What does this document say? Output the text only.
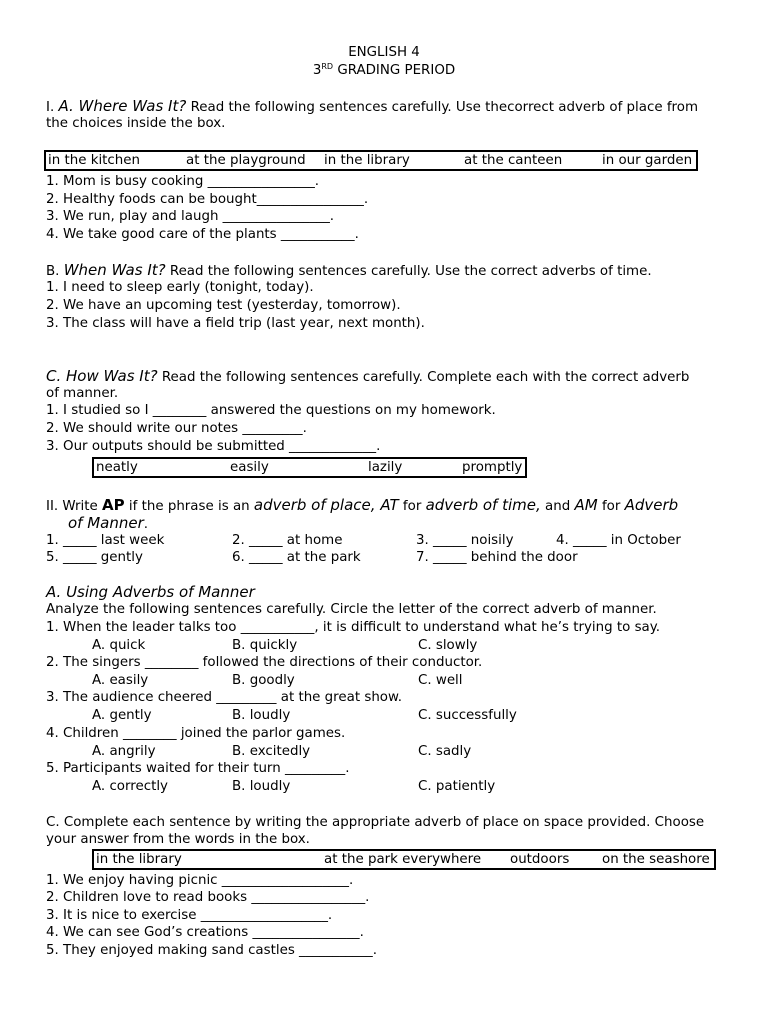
ENGLISH 4
3RD GRADING PERIOD
I. A. Where Was It? Read the following sentences carefully. Use thecorrect adverb of place from
the choices inside the box.
in the kitchen	at the playground in the library	at the canteen	in our garden
1. Mom is busy cooking ________________.
2. Healthy foods can be bought________________.
3. We run, play and laugh ________________.
4. We take good care of the plants ___________.
B. When Was It? Read the following sentences carefully. Use the correct adverbs of time.
1. I need to sleep early (tonight, today).
2. We have an upcoming test (yesterday, tomorrow).
3. The class will have a field trip (last year, next month).
C. How Was It? Read the following sentences carefully. Complete each with the correct adverb
of manner.
1. I studied so I ________ answered the questions on my homework.
2. We should write our notes _________.
3. Our outputs should be submitted _____________.
neatly	easily	lazily	promptly
II. Write AP if the phrase is an adverb of place, AT for adverb of time, and AM for Adverb
of Manner.
1. _____ last week	2. _____ at home	3. _____ noisily	4. _____ in October
5. _____ gently	6. _____ at the park	7. _____ behind the door
A. Using Adverbs of Manner
Analyze the following sentences carefully. Circle the letter of the correct adverb of manner.
1. When the leader talks too ___________, it is difficult to understand what he’s trying to say.
A. quick	B. quickly	C. slowly
2. The singers ________ followed the directions of their conductor.
A. easily	B. goodly	C. well
3. The audience cheered _________ at the great show.
A. gently	B. loudly	C. successfully
4. Children ________ joined the parlor games.
A. angrily	B. excitedly	C. sadly
5. Participants waited for their turn _________.
A. correctly	B. loudly	C. patiently
C. Complete each sentence by writing the appropriate adverb of place on space provided. Choose
your answer from the words in the box.
in the library	at the park everywhere outdoors on the seashore
1. We enjoy having picnic ___________________.
2. Children love to read books _________________.
3. It is nice to exercise ___________________.
4. We can see God’s creations ________________.
5. They enjoyed making sand castles ___________.
